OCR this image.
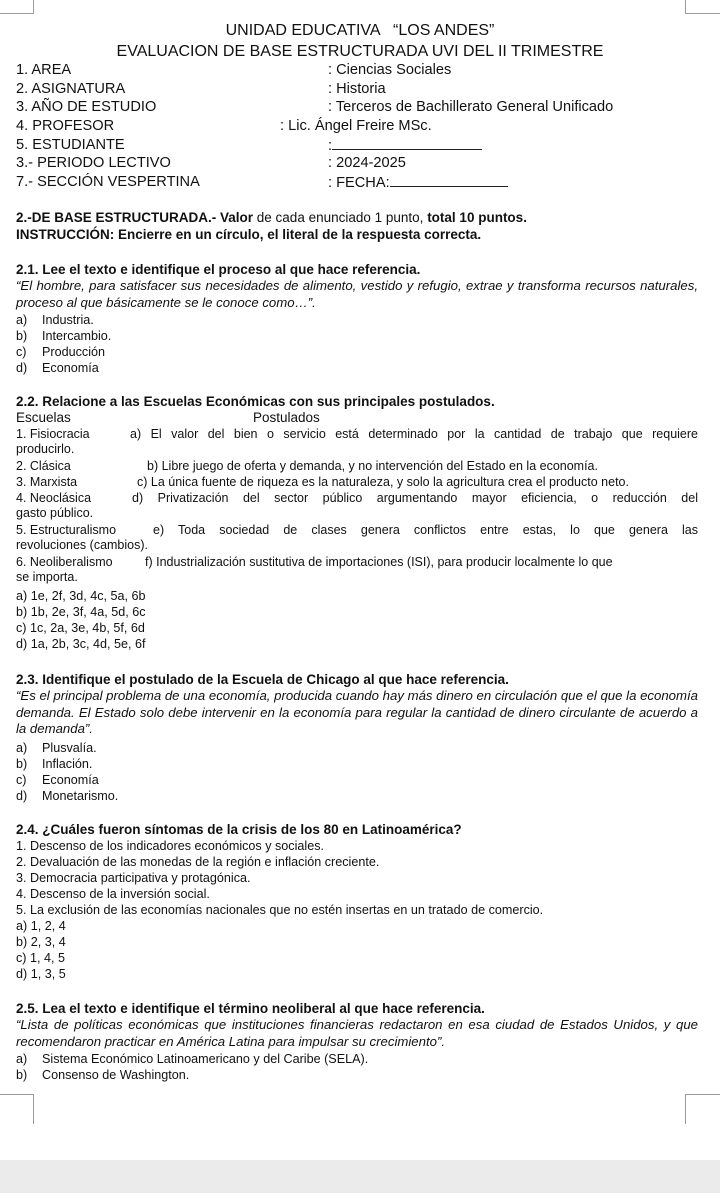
UNIDAD EDUCATIVA   “LOS ANDES”
EVALUACION DE BASE ESTRUCTURADA UVI DEL II TRIMESTRE
1. AREA	: Ciencias Sociales
2. ASIGNATURA	: Historia
3. AÑO DE ESTUDIO	: Terceros de Bachillerato General Unificado
4. PROFESOR	: Lic. Ángel Freire MSc.
5. ESTUDIANTE	:
3.- PERIODO LECTIVO	: 2024-2025
7.- SECCIÓN VESPERTINA	: FECHA:
2.-DE BASE ESTRUCTURADA.- Valor de cada enunciado 1 punto, total 10 puntos.
INSTRUCCIÓN: Encierre en un círculo, el literal de la respuesta correcta.
2.1. Lee el texto e identifique el proceso al que hace referencia.
“El hombre, para satisfacer sus necesidades de alimento, vestido y refugio, extrae y transforma recursos naturales, proceso al que básicamente se le conoce como…”.
a) Industria.
b) Intercambio.
c) Producción
d) Economía
2.2. Relacione a las Escuelas Económicas con sus principales postulados.
Escuelas	Postulados
1. Fisiocracia	a) El valor del bien o servicio está determinado por la cantidad de trabajo que requiere
producirlo.
2. Clásica	b) Libre juego de oferta y demanda, y no intervención del Estado en la economía.
3. Marxista	c) La única fuente de riqueza es la naturaleza, y solo la agricultura crea el producto neto.
4. Neoclásica	d) Privatización del sector público argumentando mayor eficiencia, o reducción del
gasto público.
5. Estructuralismo	e) Toda sociedad de clases genera conflictos entre estas, lo que genera las
revoluciones (cambios).
6. Neoliberalismo	f) Industrialización sustitutiva de importaciones (ISI), para producir localmente lo que
se importa.
a) 1e, 2f, 3d, 4c, 5a, 6b
b) 1b, 2e, 3f, 4a, 5d, 6c
c) 1c, 2a, 3e, 4b, 5f, 6d
d) 1a, 2b, 3c, 4d, 5e, 6f
2.3. Identifique el postulado de la Escuela de Chicago al que hace referencia.
“Es el principal problema de una economía, producida cuando hay más dinero en circulación que el que la economía demanda. El Estado solo debe intervenir en la economía para regular la cantidad de dinero circulante de acuerdo a la demanda”.
a) Plusvalía.
b) Inflación.
c) Economía
d) Monetarismo.
2.4. ¿Cuáles fueron síntomas de la crisis de los 80 en Latinoamérica?
1. Descenso de los indicadores económicos y sociales.
2. Devaluación de las monedas de la región e inflación creciente.
3. Democracia participativa y protagónica.
4. Descenso de la inversión social.
5. La exclusión de las economías nacionales que no estén insertas en un tratado de comercio.
a) 1, 2, 4
b) 2, 3, 4
c) 1, 4, 5
d) 1, 3, 5
2.5. Lea el texto e identifique el término neoliberal al que hace referencia.
“Lista de políticas económicas que instituciones financieras redactaron en esa ciudad de Estados Unidos, y que recomendaron practicar en América Latina para impulsar su crecimiento”.
a) Sistema Económico Latinoamericano y del Caribe (SELA).
b) Consenso de Washington.
